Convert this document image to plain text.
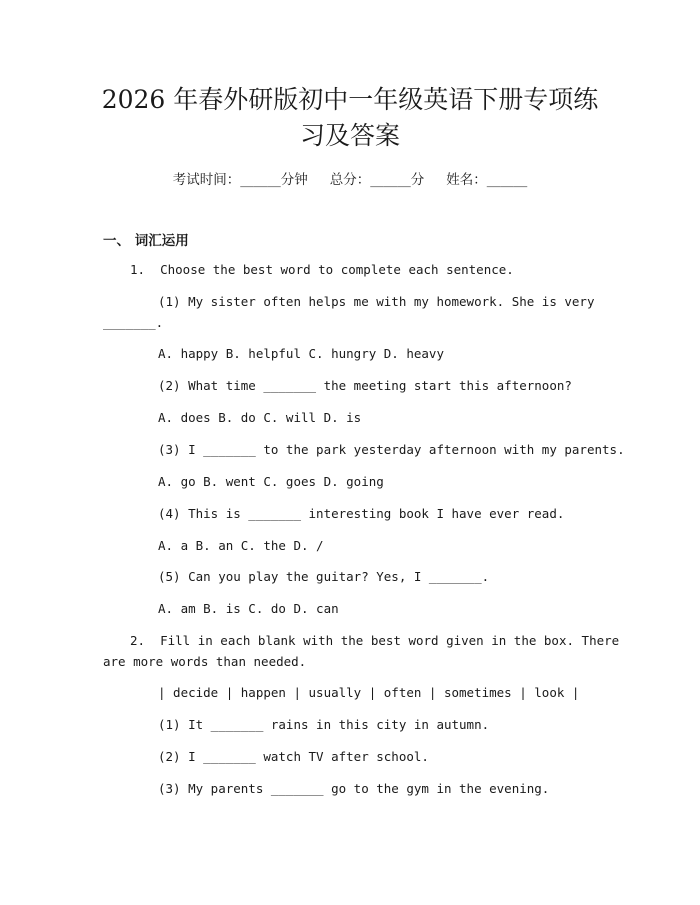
2026 年春外研版初中一年级英语下册专项练
习及答案
考试时间：______分钟 总分：______分 姓名：______
一、 词汇运用
1.  Choose the best word to complete each sentence.
(1) My sister often helps me with my homework. She is very
_______.
A. happy B. helpful C. hungry D. heavy
(2) What time _______ the meeting start this afternoon?
A. does B. do C. will D. is
(3) I _______ to the park yesterday afternoon with my parents.
A. go B. went C. goes D. going
(4) This is _______ interesting book I have ever read.
A. a B. an C. the D. /
(5) Can you play the guitar? Yes, I _______.
A. am B. is C. do D. can
2.  Fill in each blank with the best word given in the box. There
are more words than needed.
| decide | happen | usually | often | sometimes | look |
(1) It _______ rains in this city in autumn.
(2) I _______ watch TV after school.
(3) My parents _______ go to the gym in the evening.
